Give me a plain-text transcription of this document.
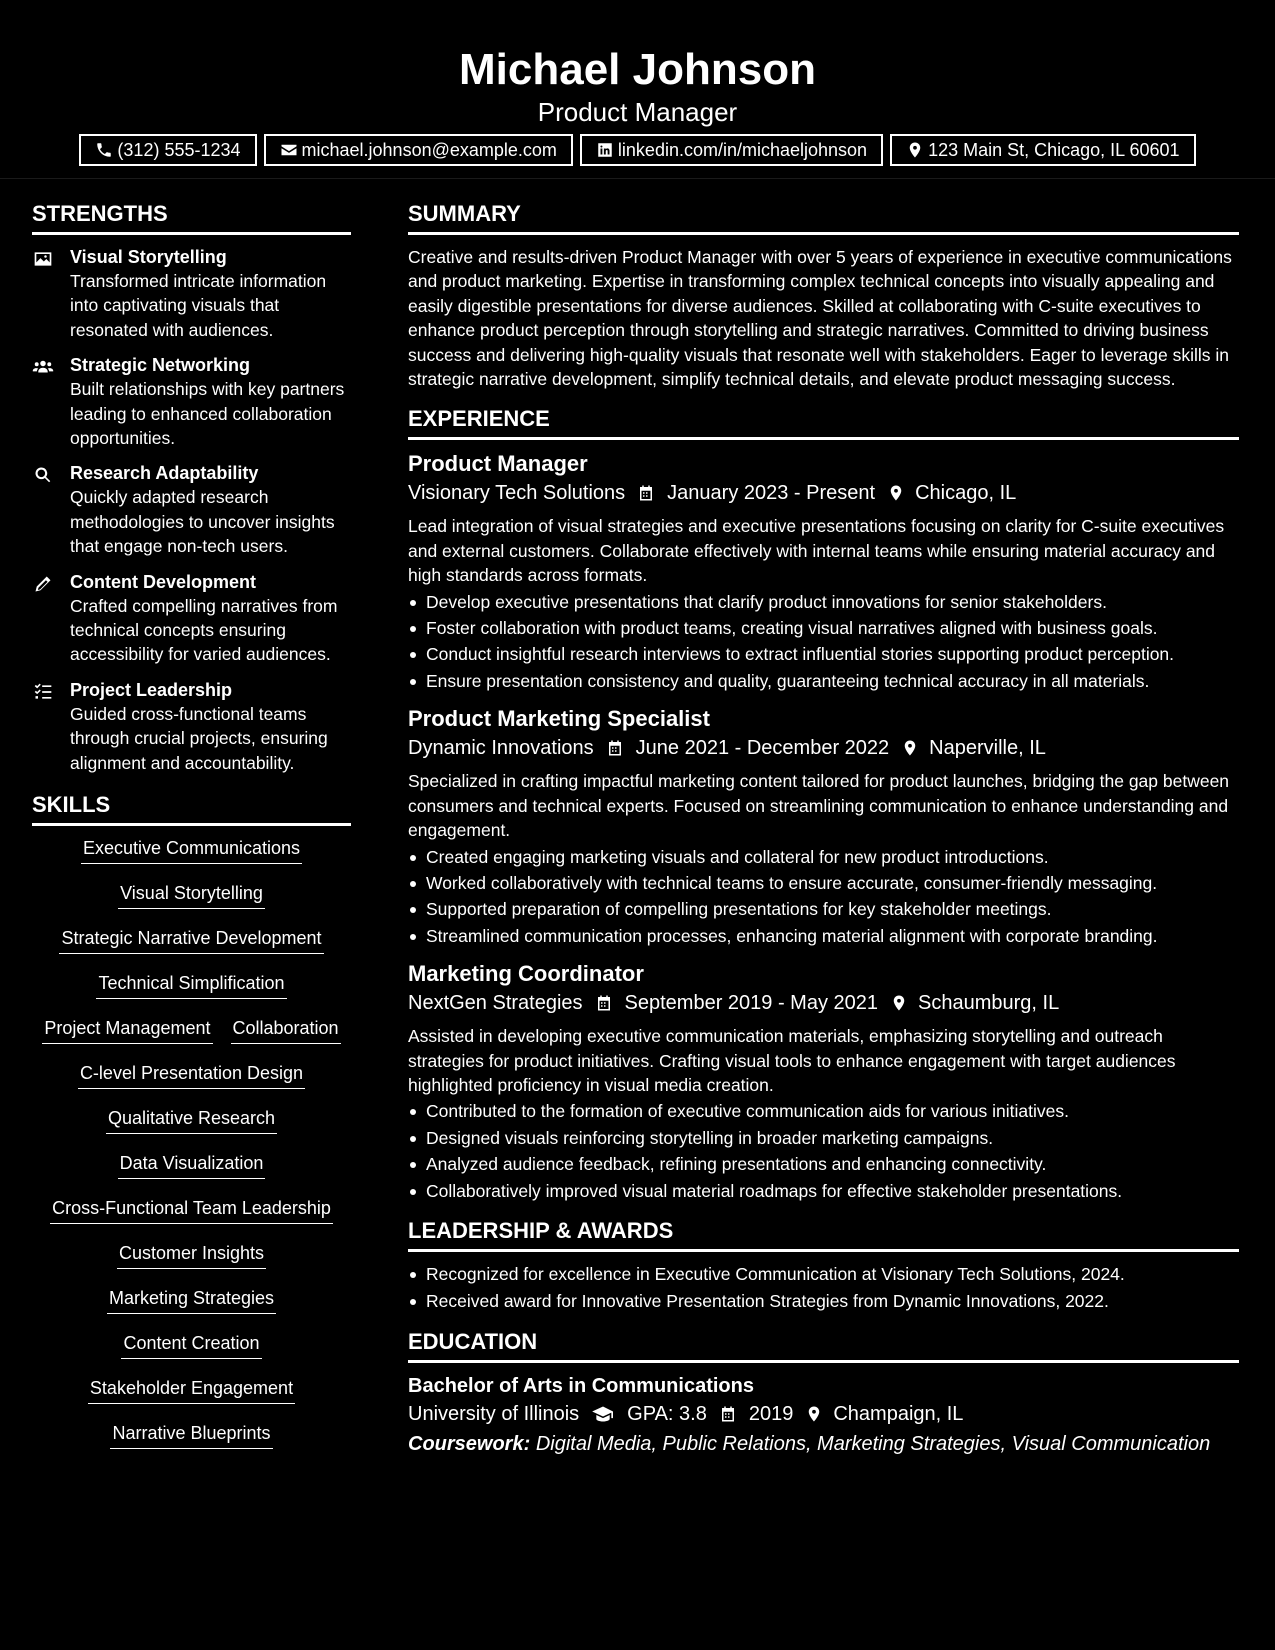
Michael Johnson
Product Manager
(312) 555-1234	michael.johnson@example.com	linkedin.com/in/michaeljohnson	123 Main St, Chicago, IL 60601
STRENGTHS
Visual Storytelling
Transformed intricate information into captivating visuals that resonated with audiences.
Strategic Networking
Built relationships with key partners leading to enhanced collaboration opportunities.
Research Adaptability
Quickly adapted research methodologies to uncover insights that engage non-tech users.
Content Development
Crafted compelling narratives from technical concepts ensuring accessibility for varied audiences.
Project Leadership
Guided cross-functional teams through crucial projects, ensuring alignment and accountability.
SKILLS
Executive Communications
Visual Storytelling
Strategic Narrative Development
Technical Simplification
Project Management Collaboration
C-level Presentation Design
Qualitative Research
Data Visualization
Cross-Functional Team Leadership
Customer Insights
Marketing Strategies
Content Creation
Stakeholder Engagement
Narrative Blueprints
SUMMARY
Creative and results-driven Product Manager with over 5 years of experience in executive communications and product marketing. Expertise in transforming complex technical concepts into visually appealing and easily digestible presentations for diverse audiences. Skilled at collaborating with C-suite executives to enhance product perception through storytelling and strategic narratives. Committed to driving business success and delivering high-quality visuals that resonate well with stakeholders. Eager to leverage skills in strategic narrative development, simplify technical details, and elevate product messaging success.
EXPERIENCE
Product Manager
Visionary Tech Solutions January 2023 - Present Chicago, IL
Lead integration of visual strategies and executive presentations focusing on clarity for C-suite executives and external customers. Collaborate effectively with internal teams while ensuring material accuracy and high standards across formats.
Develop executive presentations that clarify product innovations for senior stakeholders.
Foster collaboration with product teams, creating visual narratives aligned with business goals.
Conduct insightful research interviews to extract influential stories supporting product perception.
Ensure presentation consistency and quality, guaranteeing technical accuracy in all materials.
Product Marketing Specialist
Dynamic Innovations June 2021 - December 2022 Naperville, IL
Specialized in crafting impactful marketing content tailored for product launches, bridging the gap between consumers and technical experts. Focused on streamlining communication to enhance understanding and engagement.
Created engaging marketing visuals and collateral for new product introductions.
Worked collaboratively with technical teams to ensure accurate, consumer-friendly messaging.
Supported preparation of compelling presentations for key stakeholder meetings.
Streamlined communication processes, enhancing material alignment with corporate branding.
Marketing Coordinator
NextGen Strategies September 2019 - May 2021 Schaumburg, IL
Assisted in developing executive communication materials, emphasizing storytelling and outreach strategies for product initiatives. Crafting visual tools to enhance engagement with target audiences highlighted proficiency in visual media creation.
Contributed to the formation of executive communication aids for various initiatives.
Designed visuals reinforcing storytelling in broader marketing campaigns.
Analyzed audience feedback, refining presentations and enhancing connectivity.
Collaboratively improved visual material roadmaps for effective stakeholder presentations.
LEADERSHIP & AWARDS
Recognized for excellence in Executive Communication at Visionary Tech Solutions, 2024.
Received award for Innovative Presentation Strategies from Dynamic Innovations, 2022.
EDUCATION
Bachelor of Arts in Communications
University of Illinois GPA: 3.8 2019 Champaign, IL
Coursework: Digital Media, Public Relations, Marketing Strategies, Visual Communication
